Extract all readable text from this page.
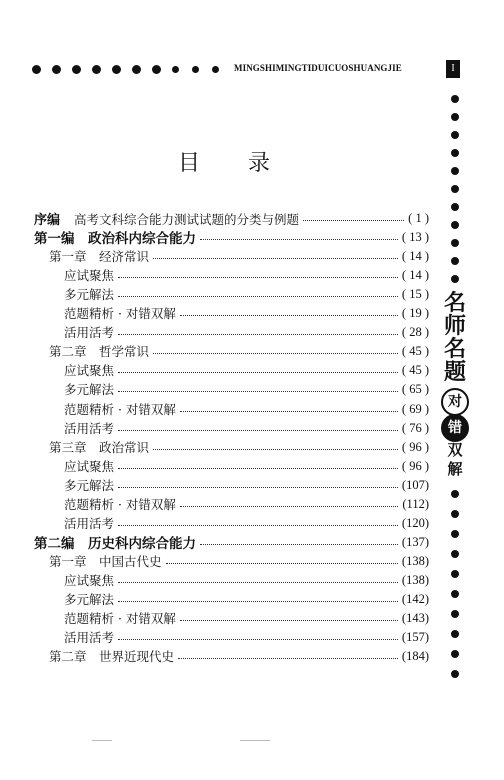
MINGSHIMINGTIDUICUOSHUANGJIE	I
名
师
名
题
对
错
双
解
目录
序编 高考文科综合能力测试试题的分类与例题	( 1 )
第一编　政治科内综合能力	( 13 )
第一章　经济常识	( 14 )
应试聚焦	( 14 )
多元解法	( 15 )
范题精析 · 对错双解	( 19 )
活用活考	( 28 )
第二章　哲学常识	( 45 )
应试聚焦	( 45 )
多元解法	( 65 )
范题精析 · 对错双解	( 69 )
活用活考	( 76 )
第三章　政治常识	( 96 )
应试聚焦	( 96 )
多元解法	(107)
范题精析 · 对错双解	(112)
活用活考	(120)
第二编　历史科内综合能力	(137)
第一章　中国古代史	(138)
应试聚焦	(138)
多元解法	(142)
范题精析 · 对错双解	(143)
活用活考	(157)
第二章　世界近现代史	(184)
